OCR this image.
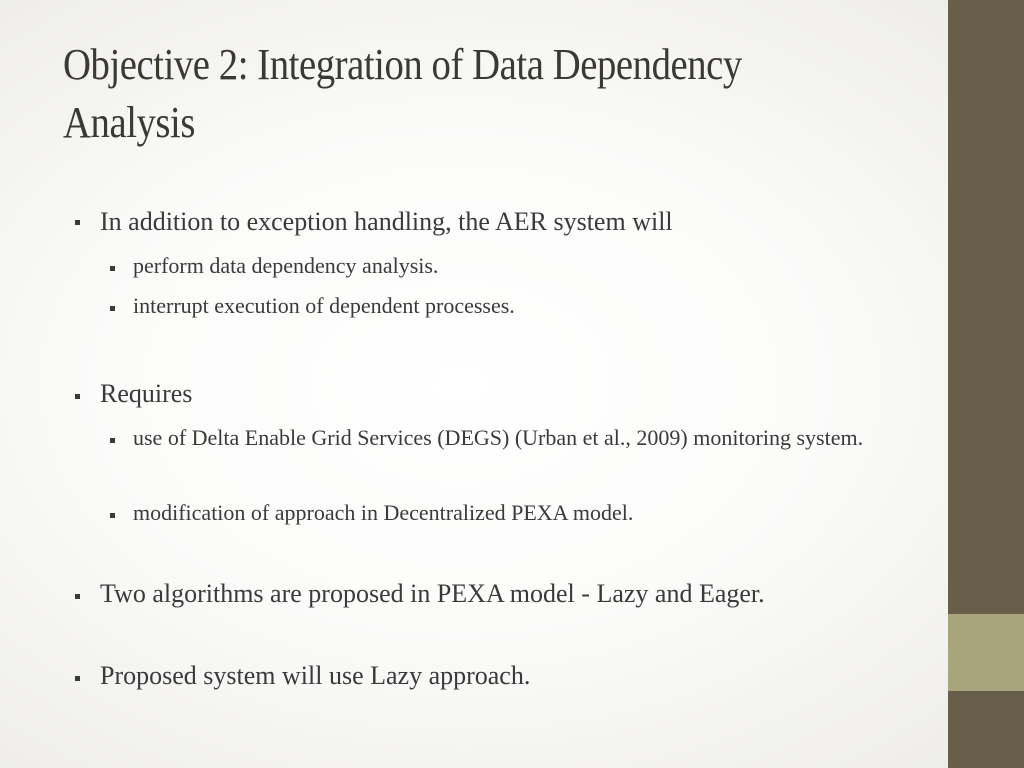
Objective 2: Integration of Data Dependency Analysis

In addition to exception handling, the AER system will

perform data dependency analysis.

interrupt execution of dependent processes.

Requires

use of Delta Enable Grid Services (DEGS) (Urban et al., 2009) monitoring system.

modification of approach in Decentralized PEXA model.

Two algorithms are proposed in PEXA model - Lazy and Eager.

Proposed system will use Lazy approach.
